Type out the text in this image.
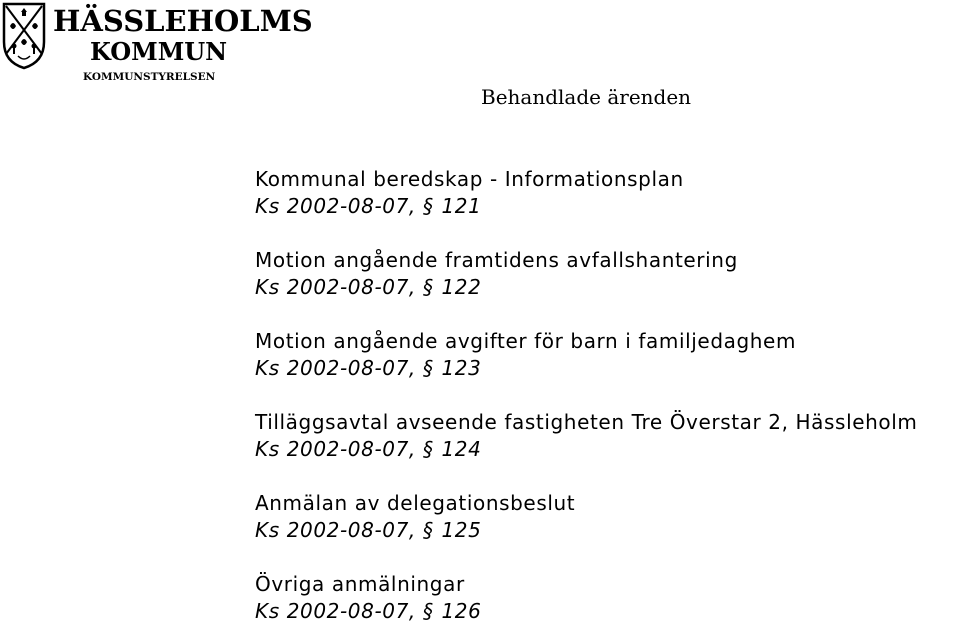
HÄSSLEHOLMS
KOMMUN
KOMMUNSTYRELSEN
Behandlade ärenden
Kommunal beredskap - Informationsplan
Ks 2002-08-07, § 121
Motion angående framtidens avfallshantering
Ks 2002-08-07, § 122
Motion angående avgifter för barn i familjedaghem
Ks 2002-08-07, § 123
Tilläggsavtal avseende fastigheten Tre Överstar 2, Hässleholm
Ks 2002-08-07, § 124
Anmälan av delegationsbeslut
Ks 2002-08-07, § 125
Övriga anmälningar
Ks 2002-08-07, § 126
